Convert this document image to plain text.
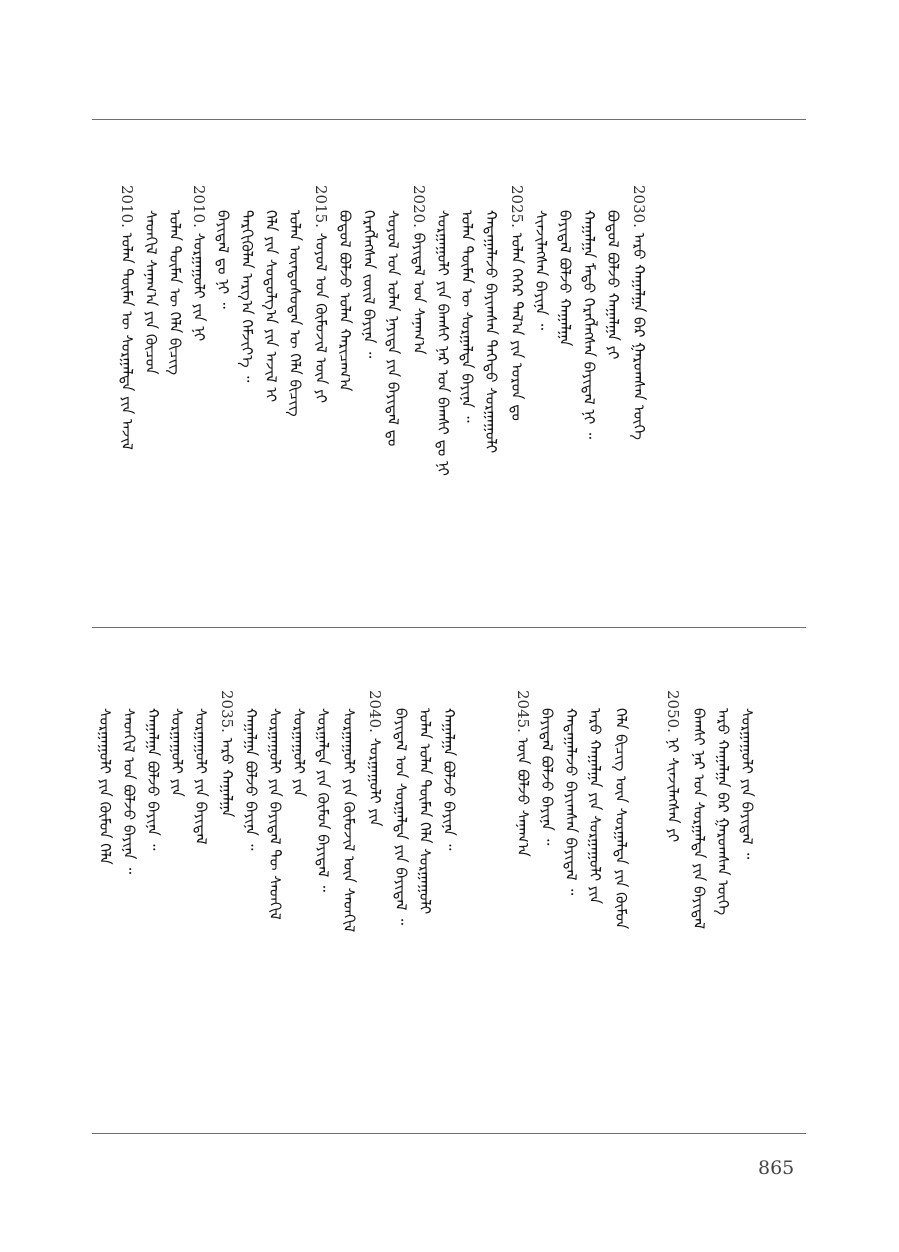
2010. ᠣᠯᠠᠨ ᠲᠦᠮᠡᠨ ᠦ ᠰᠤᠷᠭᠠᠯᠲᠠ ᠶᠢᠨ ᠠᠵᠢᠯ ᠰᠡᠳᠬᠢᠯ ᠰᠠᠨᠠᠭ᠎ᠠ ᠶᠢᠨ ᠬᠦᠴᠦᠨ ᠣᠯᠠᠨ ᠲᠦᠮᠡᠨ ᠦ ᠬᠡᠯᠡ ᠪᠢᠴᠢᠭ
2010. ᠰᠤᠷᠭᠠᠭᠤᠯᠢ ᠶᠢᠨ ᠨᠢ ᠪᠠᠶᠢᠳᠠᠯ ᠳᠤ ᠨᠢ ᠃ ᠲᠡᠷᠭᠢᠭᠦᠯᠡᠨ ᠠᠷᠭ᠎ᠠ ᠬᠡᠮᠵᠢᠶ᠎ᠡ ᠃ ᠬᠡᠯᠡ ᠶᠢᠨ ᠰᠤᠳᠤᠯᠭ᠎ᠠ ᠶᠢᠨ ᠠᠵᠢᠯ ᠢ ᠣᠯᠠᠨ ᠦᠨᠳᠦᠰᠦᠲᠡᠨ ᠦ ᠬᠡᠯᠡ ᠪᠢᠴᠢᠭ
2015. ᠰᠣᠶᠣᠯ ᠤᠨ ᠬᠦᠮᠦᠵᠢᠯ ᠦᠨ ᠶᠢ ᠪᠣᠳᠣᠯ ᠪᠣᠯᠵᠤ ᠣᠯᠠᠨ ᠬᠠᠷᠢᠴᠠᠭ᠎ᠠ ᠬᠡᠷᠡᠭᠯᠡᠭᠰᠡᠨ ᠵᠦᠢᠯ ᠪᠠᠶᠢᠨᠠ ᠃ ᠰᠣᠶᠣᠯ ᠤᠨ ᠣᠯᠠᠨ ᠨᠡᠶᠢᠲᠡ ᠶᠢᠨ ᠪᠠᠶᠢᠳᠠᠯ ᠳᠤ
2020. ᠪᠠᠶᠢᠳᠠᠯ ᠤᠨ ᠰᠠᠨᠠᠭ᠎ᠠ ᠰᠤᠷᠭᠠᠭᠤᠯᠢ ᠶᠢᠨ ᠪᠠᠭᠰᠢ ᠨᠠᠷ ᠤᠨ ᠪᠠᠭᠰᠢ ᠳᠤ ᠨᠢ ᠣᠯᠠᠨ ᠲᠦᠮᠡᠨ ᠦ ᠰᠤᠷᠭᠠᠯᠲᠠ ᠪᠠᠶᠢᠨᠠ ᠃ ᠬᠠᠳᠠᠭᠠᠯᠠᠵᠤ ᠪᠠᠶᠢᠭᠰᠠᠨ ᠳᠡᠭᠡᠳᠦ ᠰᠤᠷᠭᠠᠭᠤᠯᠢ
2025. ᠣᠯᠠᠨ ᠬᠡᠭᠡᠷ ᠲᠠᠯ᠎ᠠ ᠶᠢᠨ ᠣᠷᠤᠨ ᠳᠤ ᠰᠢᠨᠵᠢᠯᠡᠭᠰᠡᠨ ᠪᠠᠶᠢᠨᠠ ᠃ ᠪᠠᠶᠢᠳᠠᠯ ᠪᠣᠯᠵᠤ ᠬᠠᠭᠠᠯᠭᠠ ᠬᠠᠭᠠᠯᠭᠠ ᠮᠡᠲᠦ ᠬᠡᠷᠡᠭᠯᠡᠭᠰᠡᠨ ᠪᠠᠶᠢᠳᠠᠯ ᠨᠢ ᠃ ᠪᠣᠳᠣᠯ ᠪᠣᠯᠵᠤ ᠬᠠᠭᠠᠯᠭᠠ ᠶᠢ
2030. ᠠᠷᠤ ᠬᠠᠭᠠᠯᠭᠠ ᠪᠠᠷ ᠭᠠᠷᠤᠭᠰᠠᠨ ᠦᠭᠡ
ᠰᠤᠷᠭᠠᠭᠤᠯᠢ ᠶᠢᠨ ᠬᠦᠮᠦᠨ ᠬᠡᠯᠡ ᠰᠡᠳᠬᠢᠯ ᠤᠨ ᠪᠣᠯᠵᠤ ᠪᠠᠶᠢᠨᠠ ᠃ ᠬᠠᠭᠠᠯᠭᠠ ᠪᠣᠯᠵᠤ ᠪᠠᠶᠢᠨᠠ ᠃ ᠰᠤᠷᠭᠠᠭᠤᠯᠢ ᠶᠢᠨ ᠰᠤᠷᠭᠠᠭᠤᠯᠢ ᠶᠢᠨ ᠪᠠᠶᠢᠳᠠᠯ 2035. ᠠᠷᠤ ᠬᠠᠭᠠᠯᠭᠠ ᠬᠠᠭᠠᠯᠭᠠ ᠪᠣᠯᠵᠤ ᠪᠠᠶᠢᠨᠠ ᠃ ᠰᠤᠷᠭᠠᠭᠤᠯᠢ ᠶᠢᠨ ᠪᠠᠶᠢᠳᠠᠯ ᠲᠦ ᠰᠡᠳᠬᠢᠯ ᠰᠤᠷᠭᠠᠭᠤᠯᠢ ᠶᠢᠨ ᠰᠤᠷᠭᠠᠯᠲᠠ ᠶᠢᠨ ᠬᠦᠮᠦᠨ ᠪᠠᠶᠢᠳᠠᠯ ᠃ ᠰᠤᠷᠭᠠᠭᠤᠯᠢ ᠶᠢᠨ ᠬᠦᠮᠦᠵᠢᠯ ᠦᠨ ᠰᠡᠳᠬᠢᠯ 2040. ᠰᠤᠷᠭᠠᠭᠤᠯᠢ ᠶᠢᠨ ᠪᠠᠶᠢᠳᠠᠯ ᠤᠨ ᠰᠤᠷᠭᠠᠯᠲᠠ ᠶᠢᠨ ᠪᠠᠶᠢᠳᠠᠯ ᠃ ᠣᠯᠠᠨ ᠣᠯᠠᠨ ᠲᠦᠮᠡᠨ ᠬᠡᠯᠡ ᠰᠤᠷᠭᠠᠭᠤᠯᠢ ᠬᠠᠭᠠᠯᠭᠠ ᠪᠣᠯᠵᠤ ᠪᠠᠶᠢᠨᠠ ᠃	2045. ᠦᠨ ᠪᠣᠯᠵᠤ ᠰᠠᠨᠠᠭ᠎ᠠ ᠪᠠᠶᠢᠳᠠᠯ ᠪᠣᠯᠵᠤ ᠪᠠᠶᠢᠨᠠ ᠃ ᠬᠠᠳᠠᠭᠠᠯᠠᠵᠤ ᠪᠠᠶᠢᠭᠰᠠᠨ ᠪᠠᠶᠢᠳᠠᠯ ᠃ ᠠᠷᠤ ᠬᠠᠭᠠᠯᠭᠠ ᠶᠢᠨ ᠰᠤᠷᠭᠠᠭᠤᠯᠢ ᠶᠢᠨ ᠬᠡᠯᠡ ᠪᠢᠴᠢᠭ ᠦᠨ ᠰᠤᠷᠭᠠᠯᠲᠠ ᠶᠢᠨ ᠬᠦᠮᠦᠨ 2050. ᠨᠢ ᠰᠢᠨᠵᠢᠯᠡᠭᠰᠡᠨ ᠶᠢ ᠪᠠᠭᠰᠢ ᠨᠠᠷ ᠤᠨ ᠰᠤᠷᠭᠠᠯᠲᠠ ᠶᠢᠨ ᠪᠠᠶᠢᠳᠠᠯ ᠠᠷᠤ ᠬᠠᠭᠠᠯᠭᠠ ᠪᠠᠷ ᠭᠠᠷᠤᠭᠰᠠᠨ ᠦᠭᠡ ᠰᠤᠷᠭᠠᠭᠤᠯᠢ ᠶᠢᠨ ᠪᠠᠶᠢᠳᠠᠯ ᠃
865
